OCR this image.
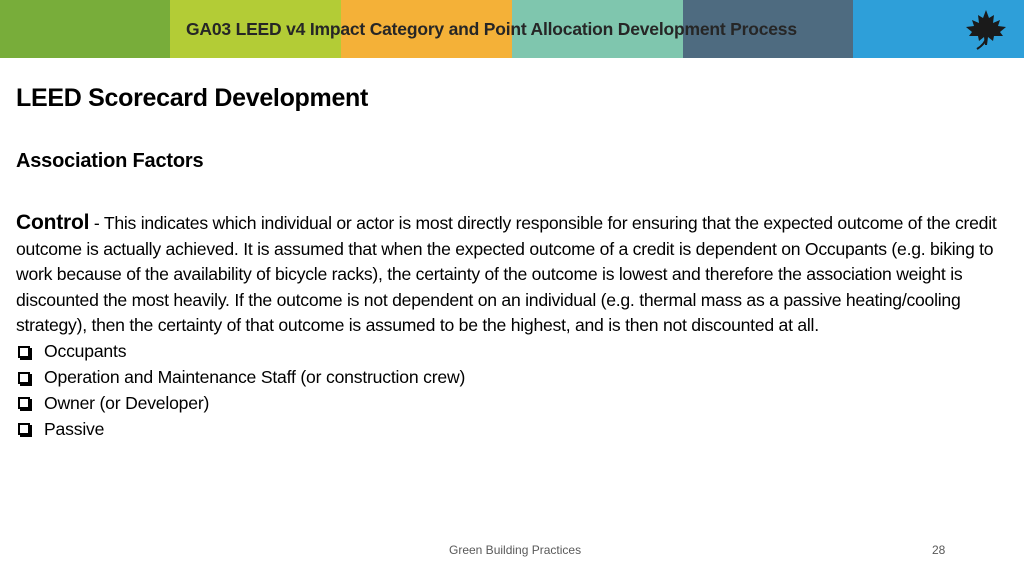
GA03 LEED v4 Impact Category and Point Allocation Development Process
LEED Scorecard Development
Association Factors

Control - This indicates which individual or actor is most directly responsible for ensuring that the expected outcome of the credit outcome is actually achieved. It is assumed that when the expected outcome of a credit is dependent on Occupants (e.g. biking to work because of the availability of bicycle racks), the certainty of the outcome is lowest and therefore the association weight is discounted the most heavily. If the outcome is not dependent on an individual (e.g. thermal mass as a passive heating/cooling strategy), then the certainty of that outcome is assumed to be the highest, and is then not discounted at all.

Occupants
Operation and Maintenance Staff (or construction crew)
Owner (or Developer)
Passive
Green Building Practices	28
